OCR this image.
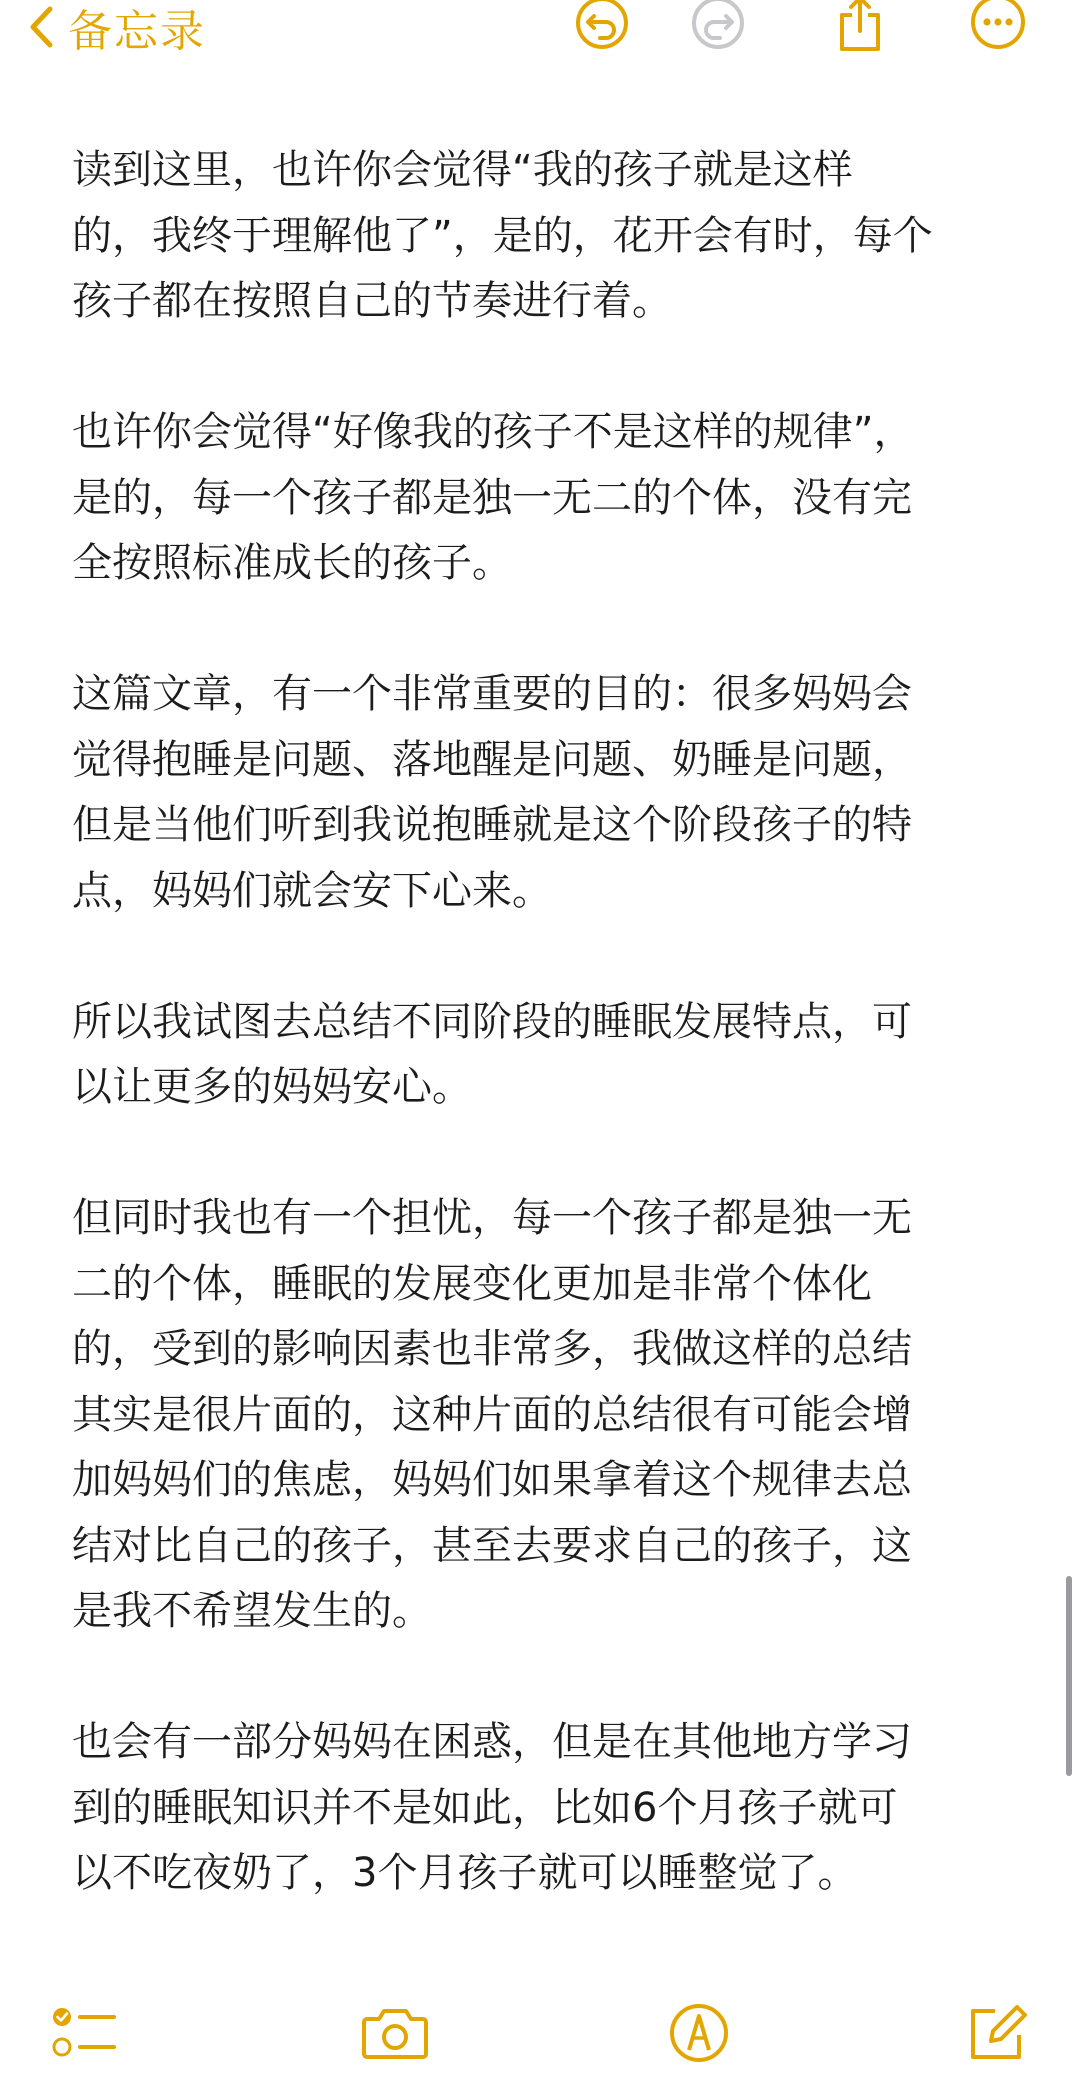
备忘录

读到这里，也许你会觉得“我的孩子就是这样
的，我终于理解他了”，是的，花开会有时，每个
孩子都在按照自己的节奏进行着。

也许你会觉得“好像我的孩子不是这样的规律”，
是的，每一个孩子都是独一无二的个体，没有完
全按照标准成长的孩子。

这篇文章，有一个非常重要的目的：很多妈妈会
觉得抱睡是问题、落地醒是问题、奶睡是问题，
但是当他们听到我说抱睡就是这个阶段孩子的特
点，妈妈们就会安下心来。

所以我试图去总结不同阶段的睡眠发展特点，可
以让更多的妈妈安心。

但同时我也有一个担忧，每一个孩子都是独一无
二的个体，睡眠的发展变化更加是非常个体化
的，受到的影响因素也非常多，我做这样的总结
其实是很片面的，这种片面的总结很有可能会增
加妈妈们的焦虑，妈妈们如果拿着这个规律去总
结对比自己的孩子，甚至去要求自己的孩子，这
是我不希望发生的。

也会有一部分妈妈在困惑，但是在其他地方学习
到的睡眠知识并不是如此，比如6个月孩子就可
以不吃夜奶了，3个月孩子就可以睡整觉了。
